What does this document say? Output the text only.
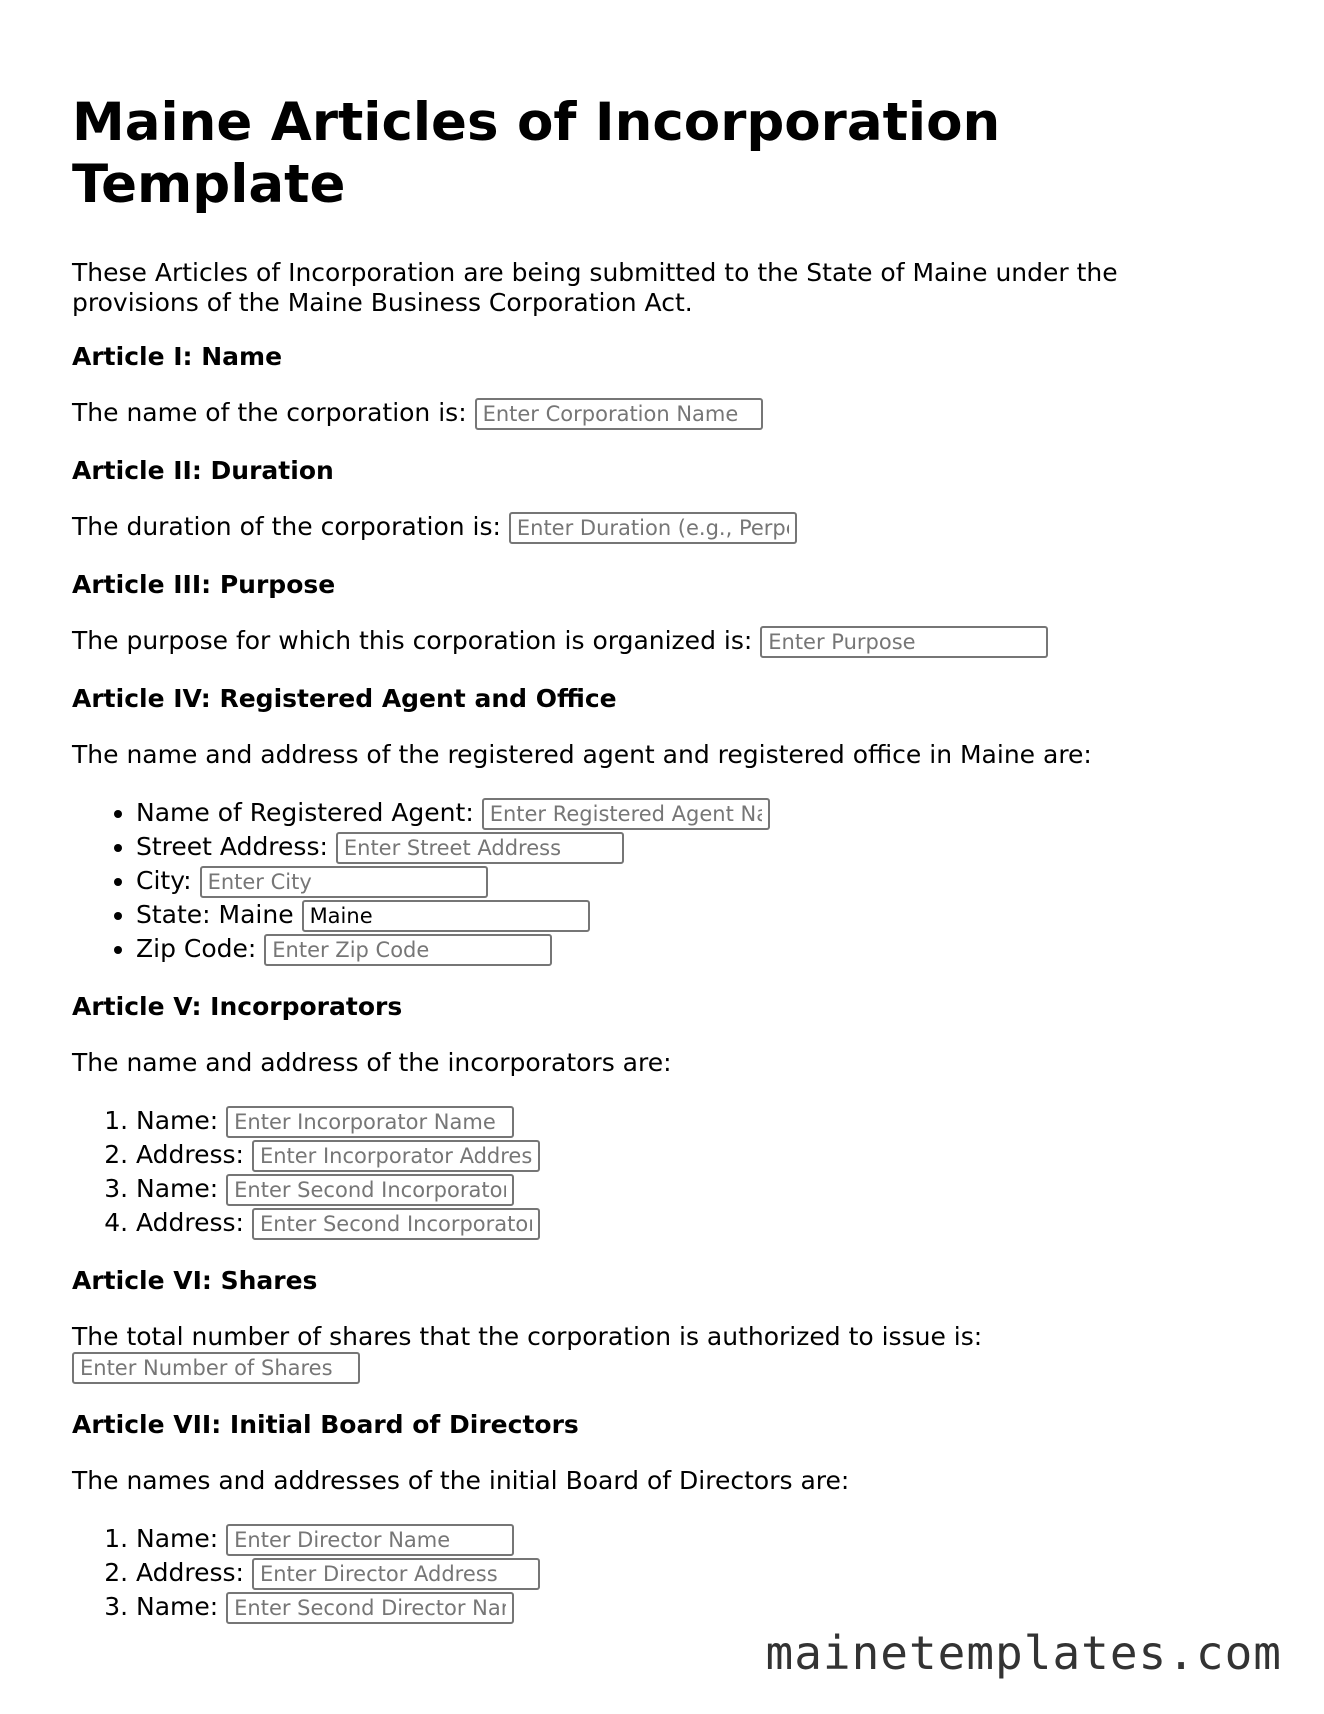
Maine Articles of Incorporation Template

These Articles of Incorporation are being submitted to the State of Maine under the provisions of the Maine Business Corporation Act.

Article I: Name

The name of the corporation is: Enter Corporation Name

Article II: Duration

The duration of the corporation is: Enter Duration (e.g., Perpetual)

Article III: Purpose

The purpose for which this corporation is organized is: Enter Purpose

Article IV: Registered Agent and Office

The name and address of the registered agent and registered office in Maine are:

• Name of Registered Agent: Enter Registered Agent Name
• Street Address: Enter Street Address
• City: Enter City
• State: Maine Maine
• Zip Code: Enter Zip Code
Article V: Incorporators

The name and address of the incorporators are:

1. Name: Enter Incorporator Name
2. Address: Enter Incorporator Address
3. Name: Enter Second Incorporator Name
4. Address: Enter Second Incorporator Address
Article VI: Shares

The total number of shares that the corporation is authorized to issue is:
Enter Number of Shares

Article VII: Initial Board of Directors

The names and addresses of the initial Board of Directors are:

1. Name: Enter Director Name
2. Address: Enter Director Address
3. Name: Enter Second Director Name
mainetemplates.com
